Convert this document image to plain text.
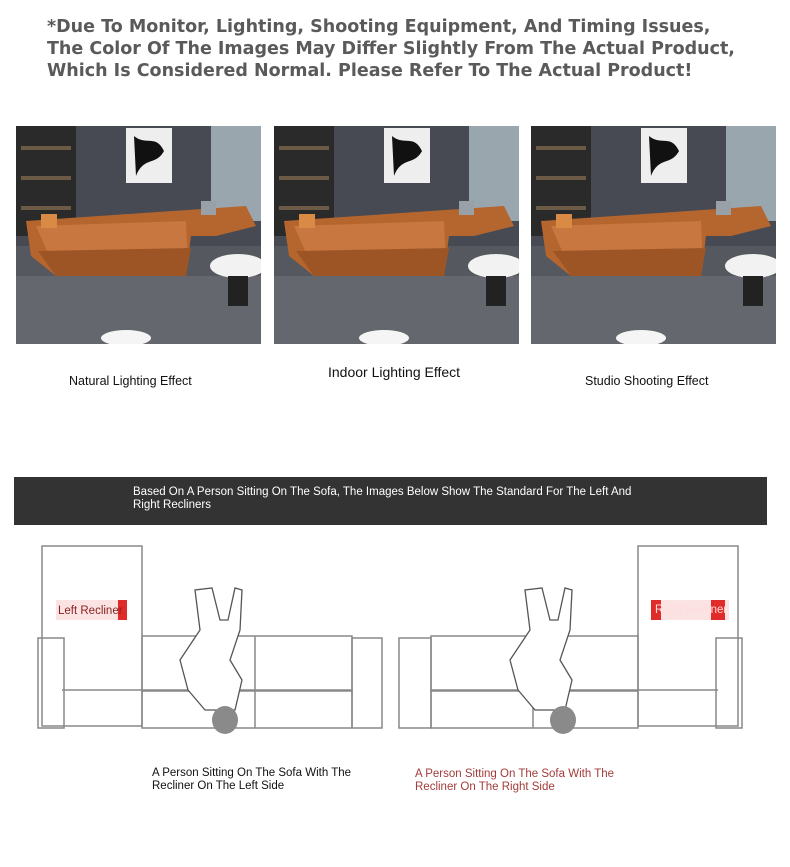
*Due To Monitor, Lighting, Shooting Equipment, And Timing Issues, The Color Of The Images May Differ Slightly From The Actual Product, Which Is Considered Normal. Please Refer To The Actual Product!
Natural Lighting Effect
Indoor Lighting Effect
Studio Shooting Effect
Based On A Person Sitting On The Sofa, The Images Below Show The Standard For The Left And Right Recliners
Left Recliner	Right Recliner
A Person Sitting On The Sofa With The Recliner On The Left Side
A Person Sitting On The Sofa With The Recliner On The Right Side
